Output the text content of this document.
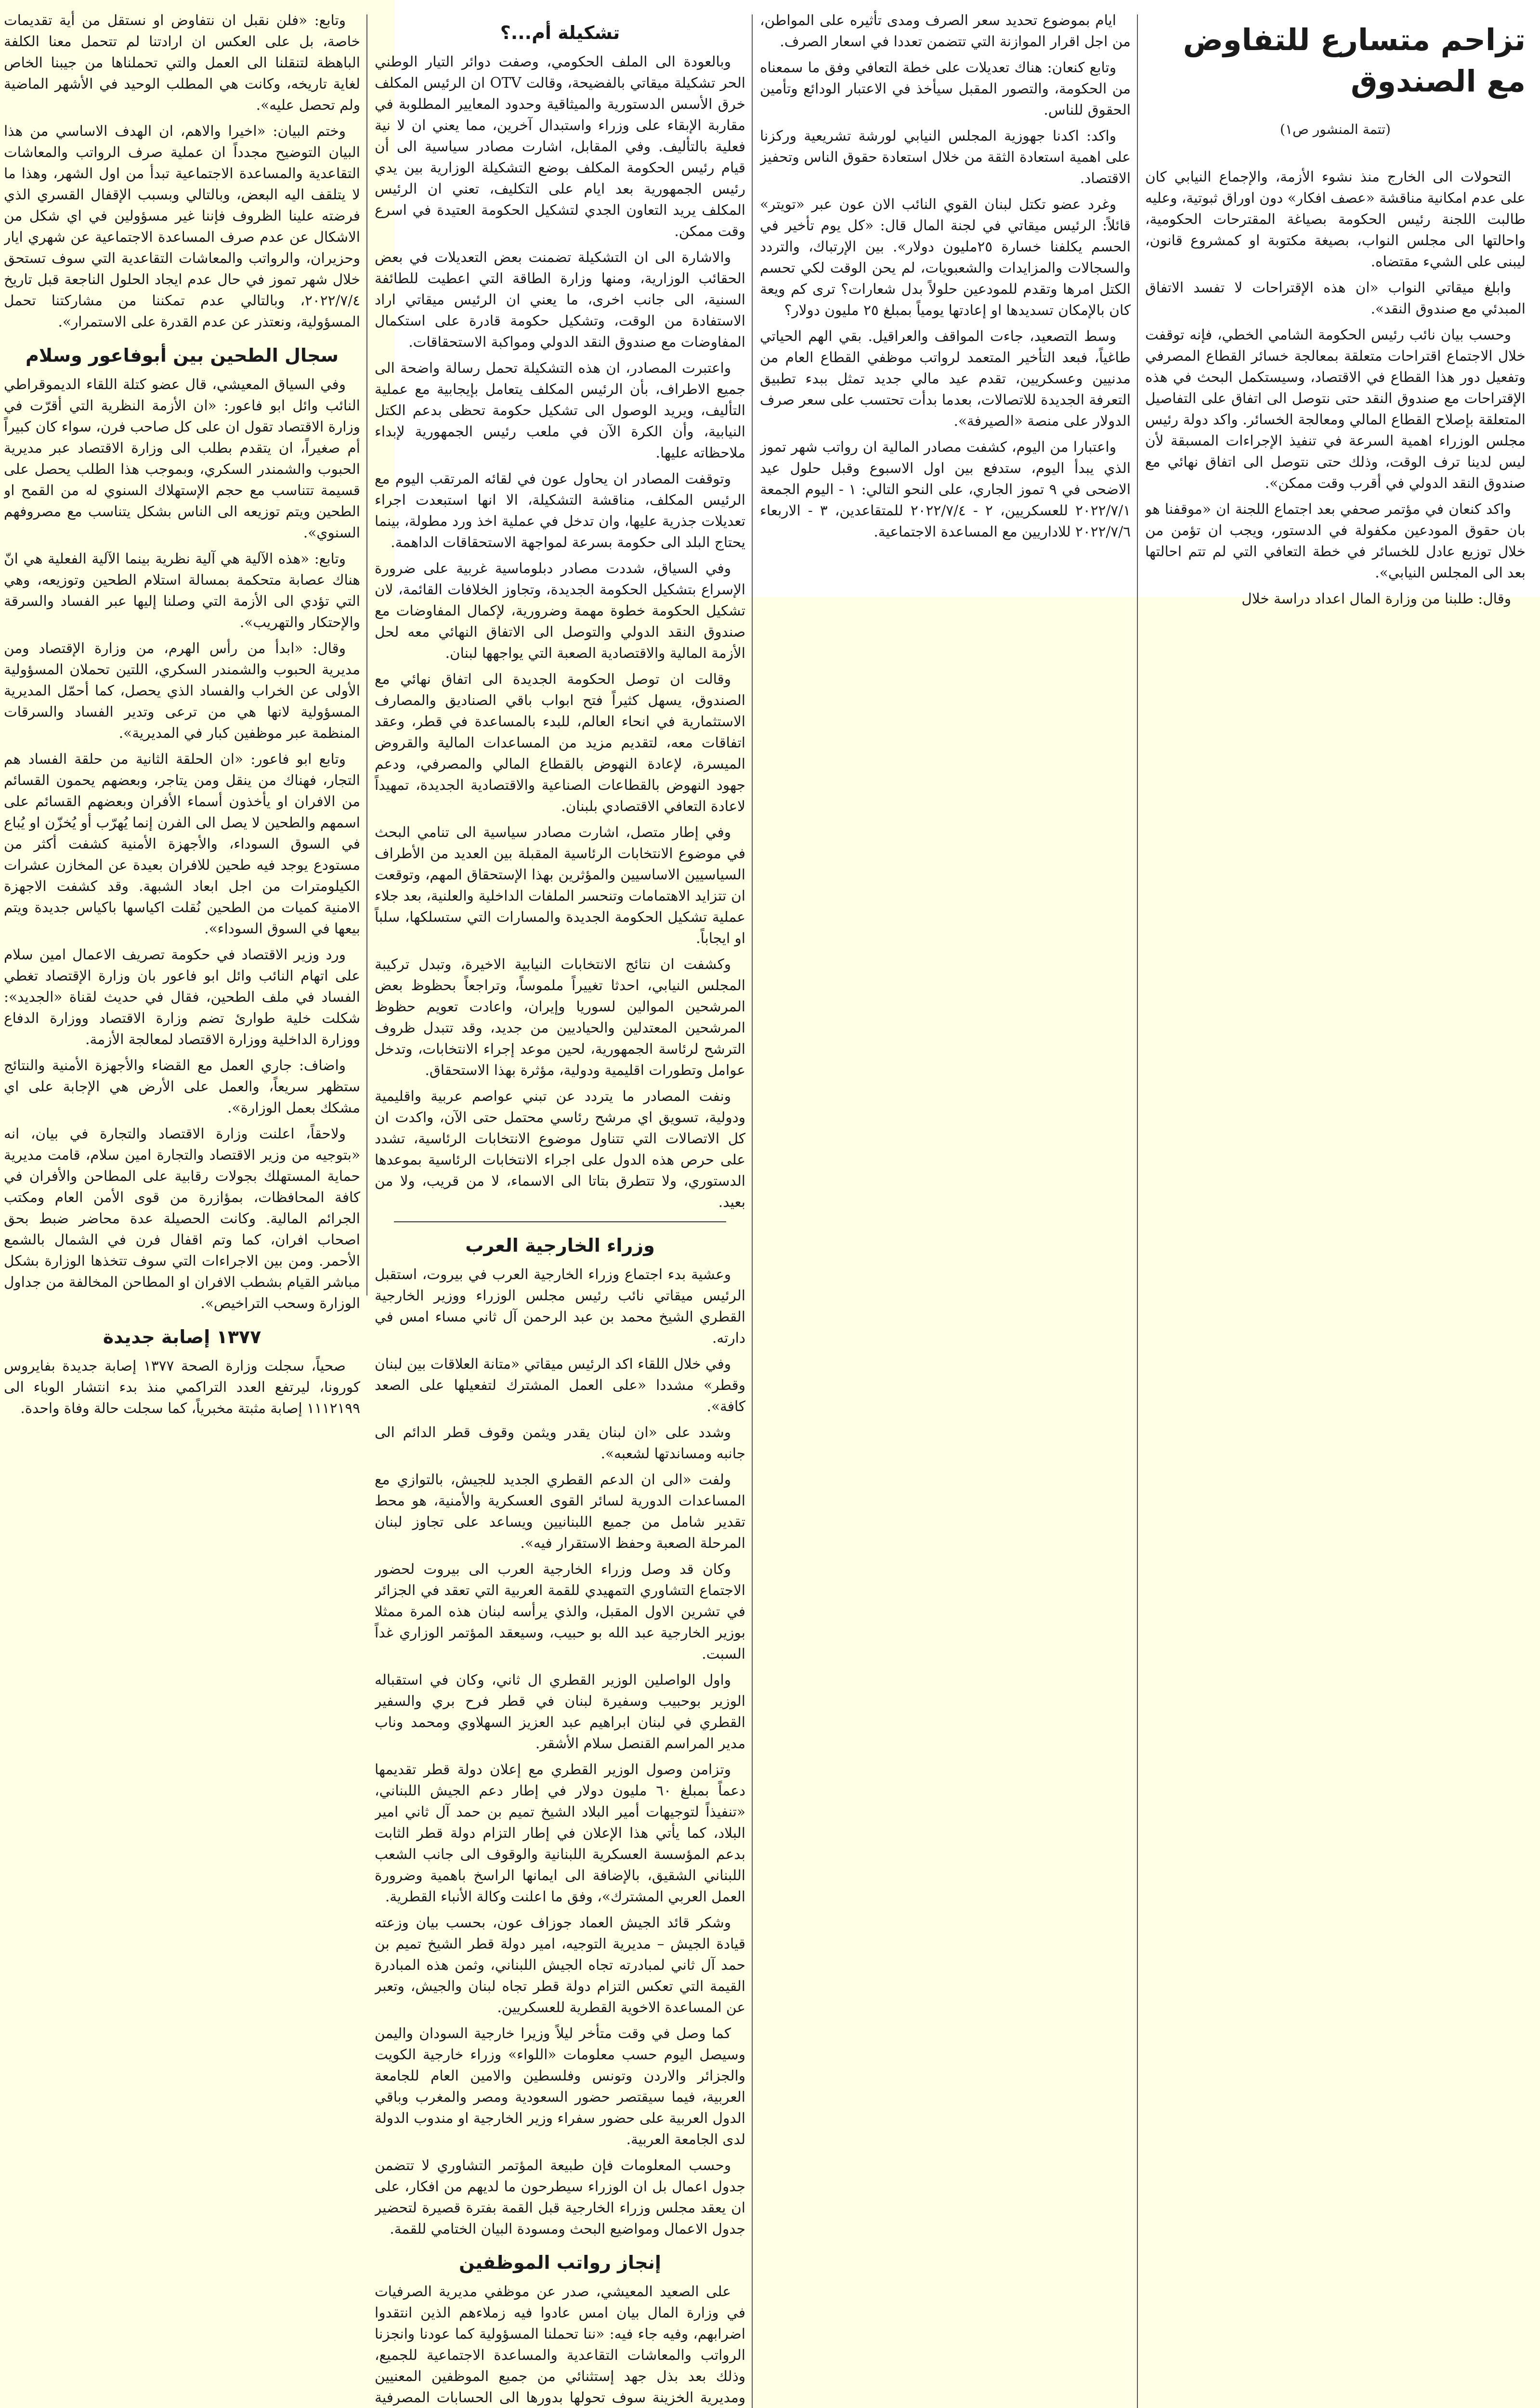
تزاحم متسارع للتفاوض مع الصندوق
(تتمة المنشور ص١)

التحولات الى الخارج منذ نشوء الأزمة، والإجماع النيابي كان على عدم امكانية مناقشة «عصف افكار» دون اوراق ثبوتية، وعليه طالبت اللجنة رئيس الحكومة بصياغة المقترحات الحكومية، واحالتها الى مجلس النواب، بصيغة مكتوبة او كمشروع قانون، ليبنى على الشيء مقتضاه.

وابلغ ميقاتي النواب «ان هذه الإقتراحات لا تفسد الاتفاق المبدئي مع صندوق النقد».

وحسب بيان نائب رئيس الحكومة الشامي الخطي، فإنه توقفت خلال الاجتماع اقتراحات متعلقة بمعالجة خسائر القطاع المصرفي وتفعيل دور هذا القطاع في الاقتصاد، وسيستكمل البحث في هذه الإقتراحات مع صندوق النقد حتى نتوصل الى اتفاق على التفاصيل المتعلقة بإصلاح القطاع المالي ومعالجة الخسائر. واكد دولة رئيس مجلس الوزراء اهمية السرعة في تنفيذ الإجراءات المسبقة لأن ليس لدينا ترف الوقت، وذلك حتى نتوصل الى اتفاق نهائي مع صندوق النقد الدولي في أقرب وقت ممكن».

واكد كنعان في مؤتمر صحفي بعد اجتماع اللجنة ان «موقفنا هو بان حقوق المودعين مكفولة في الدستور، ويجب ان تؤمن من خلال توزيع عادل للخسائر في خطة التعافي التي لم تتم احالتها بعد الى المجلس النيابي».

وقال: طلبنا من وزارة المال اعداد دراسة خلال

ايام بموضوع تحديد سعر الصرف ومدى تأثيره على المواطن، من اجل اقرار الموازنة التي تتضمن تعددا في اسعار الصرف.

وتابع كنعان: هناك تعديلات على خطة التعافي وفق ما سمعناه من الحكومة، والتصور المقبل سيأخذ في الاعتبار الودائع وتأمين الحقوق للناس.

واكد: اكدنا جهوزية المجلس النيابي لورشة تشريعية وركزنا على اهمية استعادة الثقة من خلال استعادة حقوق الناس وتحفيز الاقتصاد.

وغرد عضو تكتل لبنان القوي النائب الان عون عبر «تويتر» قائلاً: الرئيس ميقاتي في لجنة المال قال: «كل يوم تأخير في الحسم يكلفنا خسارة ٢٥مليون دولار». بين الإرتباك، والتردد والسجالات والمزايدات والشعبويات، لم يحن الوقت لكي تحسم الكتل امرها وتقدم للمودعين حلولاً بدل شعارات؟ ترى كم ويعة كان بالإمكان تسديدها او إعادتها يومياً بمبلغ ٢٥ مليون دولار؟

وسط التصعيد، جاءت المواقف والعراقيل. بقي الهم الحياتي طاغياً، فبعد التأخير المتعمد لرواتب موظفي القطاع العام من مدنيين وعسكريين، تقدم عيد مالي جديد تمثل ببدء تطبيق التعرفة الجديدة للاتصالات، بعدما بدأت تحتسب على سعر صرف الدولار على منصة «الصيرفة».

واعتبارا من اليوم، كشفت مصادر المالية ان رواتب شهر تموز الذي يبدأ اليوم، ستدفع بين اول الاسبوع وقبل حلول عيد الاضحى في ٩ تموز الجاري، على النحو التالي: ١ - اليوم الجمعة ٢٠٢٢/٧/١ للعسكريين، ٢ - ٢٠٢٢/٧/٤ للمتقاعدين، ٣ - الاربعاء ٢٠٢٢/٧/٦ للاداريين مع المساعدة الاجتماعية.

تشكيلة أم...؟

وبالعودة الى الملف الحكومي، وصفت دوائر التيار الوطني الحر تشكيلة ميقاتي بالفضيحة، وقالت OTV ان الرئيس المكلف خرق الأسس الدستورية والميثاقية وحدود المعايير المطلوبة في مقاربة الإبقاء على وزراء واستبدال آخرين، مما يعني ان لا نية فعلية بالتأليف. وفي المقابل، اشارت مصادر سياسية الى أن قيام رئيس الحكومة المكلف بوضع التشكيلة الوزارية بين يدي رئيس الجمهورية بعد ايام على التكليف، تعني ان الرئيس المكلف يريد التعاون الجدي لتشكيل الحكومة العتيدة في اسرع وقت ممكن.

والاشارة الى ان التشكيلة تضمنت بعض التعديلات في بعض الحقائب الوزارية، ومنها وزارة الطاقة التي اعطيت للطائفة السنية، الى جانب اخرى، ما يعني ان الرئيس ميقاتي اراد الاستفادة من الوقت، وتشكيل حكومة قادرة على استكمال المفاوضات مع صندوق النقد الدولي ومواكبة الاستحقاقات.

واعتبرت المصادر، ان هذه التشكيلة تحمل رسالة واضحة الى جميع الاطراف، بأن الرئيس المكلف يتعامل بإيجابية مع عملية التأليف، ويريد الوصول الى تشكيل حكومة تحظى بدعم الكتل النيابية، وأن الكرة الآن في ملعب رئيس الجمهورية لإبداء ملاحظاته عليها.

وتوقفت المصادر ان يحاول عون في لقائه المرتقب اليوم مع الرئيس المكلف، مناقشة التشكيلة، الا انها استبعدت اجراء تعديلات جذرية عليها، وان تدخل في عملية اخذ ورد مطولة، بينما يحتاج البلد الى حكومة بسرعة لمواجهة الاستحقاقات الداهمة.

وفي السياق، شددت مصادر دبلوماسية غربية على ضرورة الإسراع بتشكيل الحكومة الجديدة، وتجاوز الخلافات القائمة، لان تشكيل الحكومة خطوة مهمة وضرورية، لإكمال المفاوضات مع صندوق النقد الدولي والتوصل الى الاتفاق النهائي معه لحل الأزمة المالية والاقتصادية الصعبة التي يواجهها لبنان.

وقالت ان توصل الحكومة الجديدة الى اتفاق نهائي مع الصندوق، يسهل كثيراً فتح ابواب باقي الصناديق والمصارف الاستثمارية في انحاء العالم، للبدء بالمساعدة في قطر، وعقد اتفاقات معه، لتقديم مزيد من المساعدات المالية والقروض الميسرة، لإعادة النهوض بالقطاع المالي والمصرفي، ودعم جهود النهوض بالقطاعات الصناعية والاقتصادية الجديدة، تمهيداً لاعادة التعافي الاقتصادي بلبنان.

وفي إطار متصل، اشارت مصادر سياسية الى تنامي البحث في موضوع الانتخابات الرئاسية المقبلة بين العديد من الأطراف السياسيين الاساسيين والمؤثرين بهذا الإستحقاق المهم، وتوقعت ان تتزايد الاهتمامات وتنحسر الملفات الداخلية والعلنية، بعد جلاء عملية تشكيل الحكومة الجديدة والمسارات التي ستسلكها، سلباً او ايجاباً.

وكشفت ان نتائج الانتخابات النيابية الاخيرة، وتبدل تركيبة المجلس النيابي، احدثا تغييراً ملموساً، وتراجعاً بحظوظ بعض المرشحين الموالين لسوريا وإيران، واعادت تعويم حظوظ المرشحين المعتدلين والحياديين من جديد، وقد تتبدل ظروف الترشح لرئاسة الجمهورية، لحين موعد إجراء الانتخابات، وتدخل عوامل وتطورات اقليمية ودولية، مؤثرة بهذا الاستحقاق.

ونفت المصادر ما يتردد عن تبني عواصم عربية واقليمية ودولية، تسويق اي مرشح رئاسي محتمل حتى الآن، واكدت ان كل الاتصالات التي تتناول موضوع الانتخابات الرئاسية، تشدد على حرص هذه الدول على اجراء الانتخابات الرئاسية بموعدها الدستوري، ولا تتطرق بتاتا الى الاسماء، لا من قريب، ولا من بعيد.

وزراء الخارجية العرب

وعشية بدء اجتماع وزراء الخارجية العرب في بيروت، استقبل الرئيس ميقاتي نائب رئيس مجلس الوزراء ووزير الخارجية القطري الشيخ محمد بن عبد الرحمن آل ثاني مساء امس في دارته.

وفي خلال اللقاء اكد الرئيس ميقاتي «متانة العلاقات بين لبنان وقطر» مشددا «على العمل المشترك لتفعيلها على الصعد كافة».

وشدد على «ان لبنان يقدر ويثمن وقوف قطر الدائم الى جانبه ومساندتها لشعبه».

ولفت «الى ان الدعم القطري الجديد للجيش، بالتوازي مع المساعدات الدورية لسائر القوى العسكرية والأمنية، هو محط تقدير شامل من جميع اللبنانيين ويساعد على تجاوز لبنان المرحلة الصعبة وحفظ الاستقرار فيه».

وكان قد وصل وزراء الخارجية العرب الى بيروت لحضور الاجتماع التشاوري التمهيدي للقمة العربية التي تعقد في الجزائر في تشرين الاول المقبل، والذي يرأسه لبنان هذه المرة ممثلا بوزير الخارجية عبد الله بو حبيب، وسيعقد المؤتمر الوزاري غداً السبت.

واول الواصلين الوزير القطري ال ثاني، وكان في استقباله الوزير بوحبيب وسفيرة لبنان في قطر فرح بري والسفير القطري في لبنان ابراهيم عبد العزيز السهلاوي ومحمد وناب مدير المراسم القنصل سلام الأشقر.

وتزامن وصول الوزير القطري مع إعلان دولة قطر تقديمها دعماً بمبلغ ٦٠ مليون دولار في إطار دعم الجيش اللبناني، «تنفيذاً لتوجيهات أمير البلاد الشيخ تميم بن حمد آل ثاني امير البلاد، كما يأتي هذا الإعلان في إطار التزام دولة قطر الثابت بدعم المؤسسة العسكرية اللبنانية والوقوف الى جانب الشعب اللبناني الشقيق، بالإضافة الى ايمانها الراسخ باهمية وضرورة العمل العربي المشترك»، وفق ما اعلنت وكالة الأنباء القطرية.

وشكر قائد الجيش العماد جوزاف عون، بحسب بيان وزعته قيادة الجيش – مديرية التوجيه، امير دولة قطر الشيخ تميم بن حمد آل ثاني لمبادرته تجاه الجيش اللبناني، وثمن هذه المبادرة القيمة التي تعكس التزام دولة قطر تجاه لبنان والجيش، وتعبر عن المساعدة الاخوية القطرية للعسكريين.

كما وصل في وقت متأخر ليلاً وزيرا خارجية السودان واليمن وسيصل اليوم حسب معلومات «اللواء» وزراء خارجية الكويت والجزائر والاردن وتونس وفلسطين والامين العام للجامعة العربية، فيما سيقتصر حضور السعودية ومصر والمغرب وباقي الدول العربية على حضور سفراء وزير الخارجية او مندوب الدولة لدى الجامعة العربية.

وحسب المعلومات فإن طبيعة المؤتمر التشاوري لا تتضمن جدول اعمال بل ان الوزراء سيطرحون ما لديهم من افكار، على ان يعقد مجلس وزراء الخارجية قبل القمة بفترة قصيرة لتحضير جدول الاعمال ومواضيع البحث ومسودة البيان الختامي للقمة.

إنجاز رواتب الموظفين

على الصعيد المعيشي، صدر عن موظفي مديرية الصرفيات في وزارة المال بيان امس عادوا فيه زملاءهم الذين انتقدوا اضرابهم، وفيه جاء فيه: «ننا تحملنا المسؤولية كما عودنا وانجزنا الرواتب والمعاشات التقاعدية والمساعدة الاجتماعية للجميع، وذلك بعد بذل جهد إستثنائي من جميع الموظفين المعنيين ومديرية الخزينة سوف تحولها بدورها الى الحسابات المصرفية

وتابع: «فلن نقبل ان نتفاوض او نستقل من أية تقديمات خاصة، بل على العكس ان ارادتنا لم تتحمل معنا الكلفة الباهظة لتنقلنا الى العمل والتي تحملناها من جيبنا الخاص لغاية تاريخه، وكانت هي المطلب الوحيد في الأشهر الماضية ولم تحصل عليه».

وختم البيان: «اخيرا والاهم، ان الهدف الاساسي من هذا البيان التوضيح مجدداً ان عملية صرف الرواتب والمعاشات التقاعدية والمساعدة الاجتماعية تبدأ من اول الشهر، وهذا ما لا يتلقف اليه البعض، وبالتالي وبسبب الإقفال القسري الذي فرضته علينا الظروف فإننا غير مسؤولين في اي شكل من الاشكال عن عدم صرف المساعدة الاجتماعية عن شهري ايار وحزيران، والرواتب والمعاشات التقاعدية التي سوف تستحق خلال شهر تموز في حال عدم ايجاد الحلول الناجعة قبل تاريخ ٢٠٢٢/٧/٤، وبالتالي عدم تمكننا من مشاركتنا تحمل المسؤولية، ونعتذر عن عدم القدرة على الاستمرار».

سجال الطحين بين أبوفاعور وسلام

وفي السياق المعيشي، قال عضو كتلة اللقاء الديموقراطي النائب وائل ابو فاعور: «ان الأزمة النظرية التي أقرّت في وزارة الاقتصاد تقول ان على كل صاحب فرن، سواء كان كبيراً أم صغيراً، ان يتقدم بطلب الى وزارة الاقتصاد عبر مديرية الحبوب والشمندر السكري، وبموجب هذا الطلب يحصل على قسيمة تتناسب مع حجم الإستهلاك السنوي له من القمح او الطحين ويتم توزيعه الى الناس بشكل يتناسب مع مصروفهم السنوي».

وتابع: «هذه الآلية هي آلية نظرية بينما الآلية الفعلية هي انّ هناك عصابة متحكمة بمسالة استلام الطحين وتوزيعه، وهي التي تؤدي الى الأزمة التي وصلنا إليها عبر الفساد والسرقة والإحتكار والتهريب».

وقال: «ابدأ من رأس الهرم، من وزارة الإقتصاد ومن مديرية الحبوب والشمندر السكري، اللتين تحملان المسؤولية الأولى عن الخراب والفساد الذي يحصل، كما أحمّل المديرية المسؤولية لانها هي من ترعى وتدير الفساد والسرقات المنظمة عبر موظفين كبار في المديرية».

وتابع ابو فاعور: «ان الحلقة الثانية من حلقة الفساد هم التجار، فهناك من ينقل ومن يتاجر، وبعضهم يحمون القسائم من الافران او يأخذون أسماء الأفران وبعضهم القسائم على اسمهم والطحين لا يصل الى الفرن إنما يُهرّب أو يُخزّن او يُباع في السوق السوداء، والأجهزة الأمنية كشفت أكثر من مستودع يوجد فيه طحين للافران بعيدة عن المخازن عشرات الكيلومترات من اجل ابعاد الشبهة. وقد كشفت الاجهزة الامنية كميات من الطحين نُقلت اكياسها باكياس جديدة ويتم بيعها في السوق السوداء».

ورد وزير الاقتصاد في حكومة تصريف الاعمال امين سلام على اتهام النائب وائل ابو فاعور بان وزارة الإقتصاد تغطي الفساد في ملف الطحين، فقال في حديث لقناة «الجديد»: شكلت خلية طوارئ تضم وزارة الاقتصاد ووزارة الدفاع ووزارة الداخلية ووزارة الاقتصاد لمعالجة الأزمة.

واضاف: جاري العمل مع القضاء والأجهزة الأمنية والنتائج ستظهر سريعاً، والعمل على الأرض هي الإجابة على اي مشكك بعمل الوزارة».

ولاحقاً، اعلنت وزارة الاقتصاد والتجارة في بيان، انه «بتوجيه من وزير الاقتصاد والتجارة امين سلام، قامت مديرية حماية المستهلك بجولات رقابية على المطاحن والأفران في كافة المحافظات، بمؤازرة من قوى الأمن العام ومكتب الجرائم المالية. وكانت الحصيلة عدة محاضر ضبط بحق اصحاب افران، كما وتم اقفال فرن في الشمال بالشمع الأحمر. ومن بين الاجراءات التي سوف تتخذها الوزارة بشكل مباشر القيام بشطب الافران او المطاحن المخالفة من جداول الوزارة وسحب التراخيص».

١٣٧٧ إصابة جديدة

صحياً، سجلت وزارة الصحة ١٣٧٧ إصابة جديدة بفايروس كورونا، ليرتفع العدد التراكمي منذ بدء انتشار الوباء الى ١١١٢١٩٩ إصابة مثبتة مخبرياً، كما سجلت حالة وفاة واحدة.
